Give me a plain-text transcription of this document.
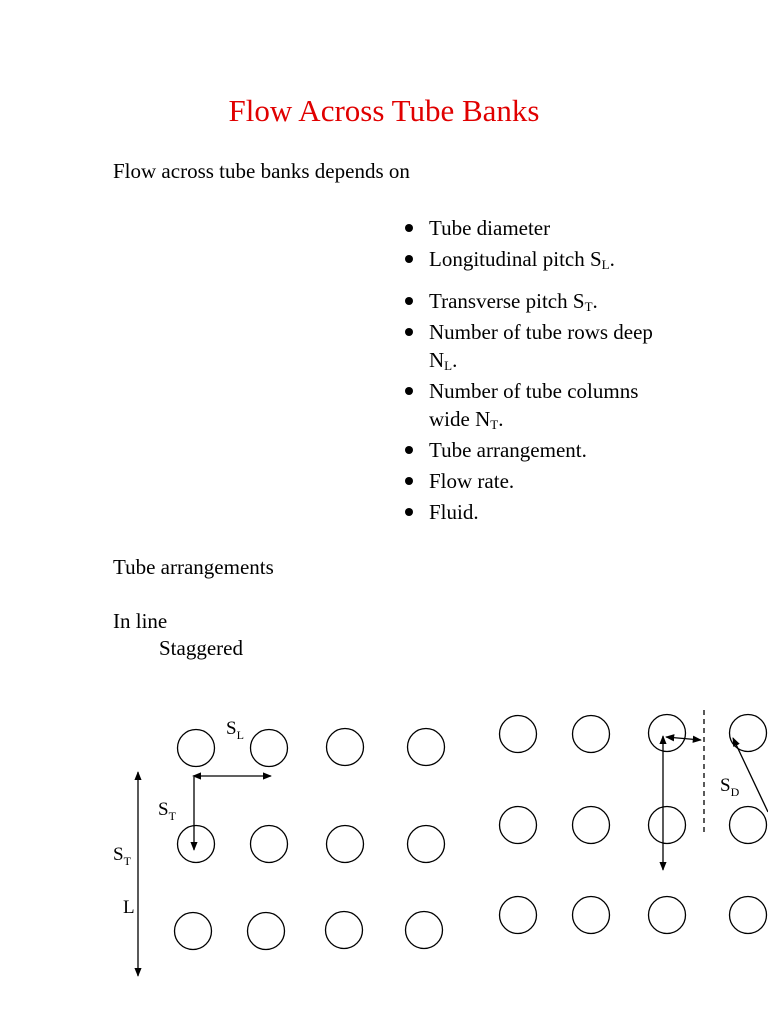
Flow Across Tube Banks
Flow across tube banks depends on
Tube diameter
Longitudinal pitch $S_L$.
Transverse pitch $S_T$.
Number of tube rows deep $N_L$.
Number of tube columns wide $N_T$.
Tube arrangement.
Flow rate.
Fluid.
Tube arrangements
In line
Staggered
$S_L$
$S_T$
$S_T$
L
$S_D$
